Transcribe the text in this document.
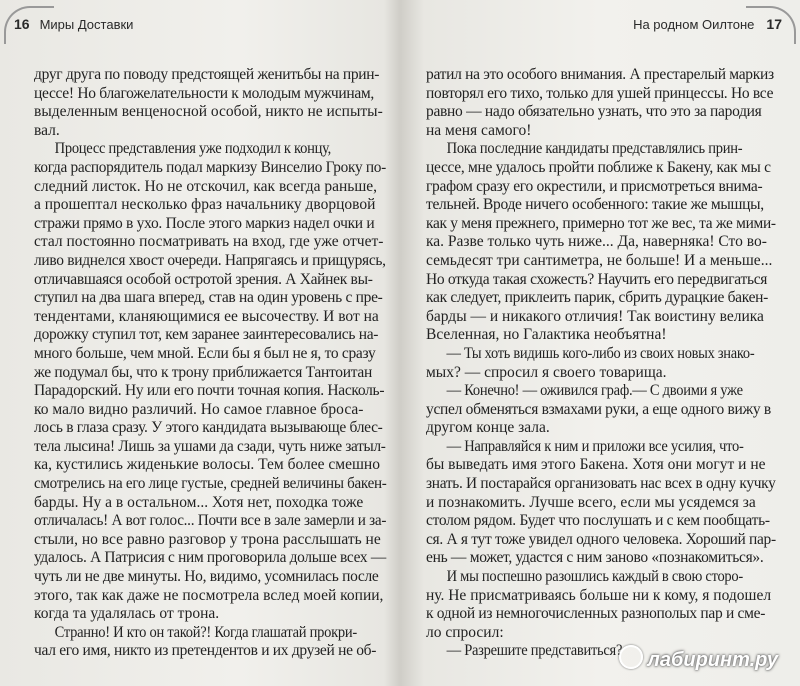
16 Миры Доставки
друг друга по поводу предстоящей женитьбы на прин-
цессе! Но благожелательности к молодым мужчинам,
выделенным венценосной особой, никто не испыты-
вал.
Процесс представления уже подходил к концу,
когда распорядитель подал маркизу Винселио Гроку по-
следний листок. Но не отскочил, как всегда раньше,
а прошептал несколько фраз начальнику дворцовой
стражи прямо в ухо. После этого маркиз надел очки и
стал постоянно посматривать на вход, где уже отчет-
ливо виднелся хвост очереди. Напрягаясь и прищурясь,
отличавшаяся особой остротой зрения. А Хайнек вы-
ступил на два шага вперед, став на один уровень с пре-
тендентами, кланяющимися ее высочеству. И вот на
дорожку ступил тот, кем заранее заинтересовались на-
много больше, чем мной. Если бы я был не я, то сразу
же подумал бы, что к трону приближается Тантоитан
Парадорский. Ну или его почти точная копия. Насколь-
ко мало видно различий. Но самое главное броса-
лось в глаза сразу. У этого кандидата вызывающе блес-
тела лысина! Лишь за ушами да сзади, чуть ниже затыл-
ка, кустились жиденькие волосы. Тем более смешно
смотрелись на его лице густые, средней величины бакен-
барды. Ну а в остальном... Хотя нет, походка тоже
отличалась! А вот голос... Почти все в зале замерли и за-
стыли, но все равно разговор у трона расслышать не
удалось. А Патрисия с ним проговорила дольше всех —
чуть ли не две минуты. Но, видимо, усомнилась после
этого, так как даже не посмотрела вслед моей копии,
когда та удалялась от трона.
Странно! И кто он такой?! Когда глашатай прокри-
чал его имя, никто из претендентов и их друзей не об-
На родном Оилтоне 17
ратил на это особого внимания. А престарелый маркиз
повторял его тихо, только для ушей принцессы. Но все
равно — надо обязательно узнать, что это за пародия
на меня самого!
Пока последние кандидаты представлялись прин-
цессе, мне удалось пройти поближе к Бакену, как мы с
графом сразу его окрестили, и присмотреться внима-
тельней. Вроде ничего особенного: такие же мышцы,
как у меня прежнего, примерно тот же вес, та же мими-
ка. Разве только чуть ниже... Да, наверняка! Сто во-
семьдесят три сантиметра, не больше! И а меньше...
Но откуда такая схожесть? Научить его передвигаться
как следует, приклеить парик, сбрить дурацкие бакен-
барды — и никакого отличия! Так воистину велика
Вселенная, но Галактика необъятна!
— Ты хоть видишь кого-либо из своих новых знако-
мых? — спросил я своего товарища.
— Конечно! — оживился граф.— С двоими я уже
успел обменяться взмахами руки, а еще одного вижу в
другом конце зала.
— Направляйся к ним и приложи все усилия, что-
бы выведать имя этого Бакена. Хотя они могут и не
знать. И постарайся организовать нас всех в одну кучку
и познакомить. Лучше всего, если мы усядемся за
столом рядом. Будет что послушать и с кем пообщать-
ся. А я тут тоже увидел одного человека. Хороший пар-
ень — может, удастся с ним заново «познакомиться».
И мы поспешно разошлись каждый в свою сторо-
ну. Не присматриваясь больше ни к кому, я подошел
к одной из немногочисленных разнополых пар и сме-
ло спросил:
— Разрешите представиться?	лабиринт.ру
